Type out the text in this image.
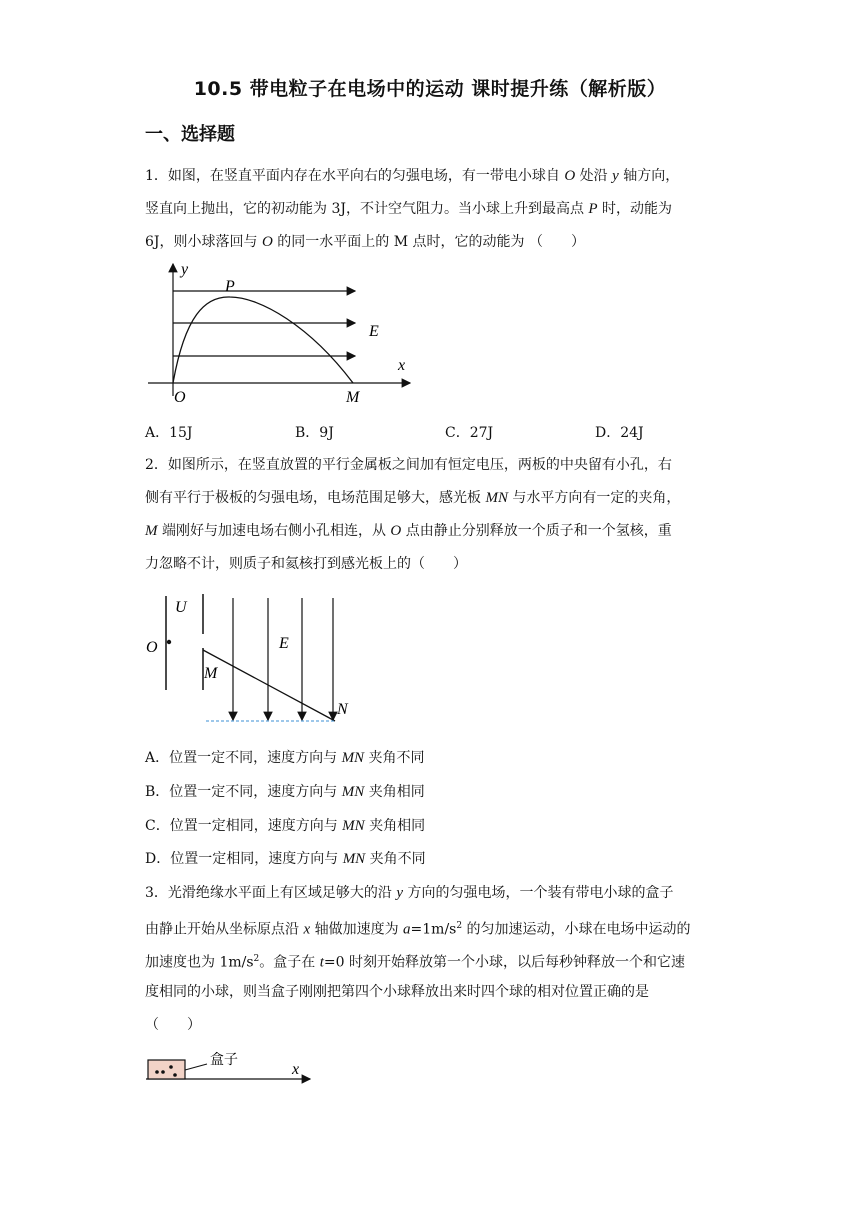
10.5 带电粒子在电场中的运动 课时提升练（解析版）
一、选择题
1．如图，在竖直平面内存在水平向右的匀强电场，有一带电小球自 O 处沿 y 轴方向，
竖直向上抛出，它的初动能为 3J，不计空气阻力。当小球上升到最高点 P 时，动能为
6J，则小球落回与 O 的同一水平面上的 M 点时，它的动能为 （　　）
y
P
E
x
O	M
A．15J	B．9J	C．27J	D．24J
2．如图所示，在竖直放置的平行金属板之间加有恒定电压，两板的中央留有小孔，右
侧有平行于极板的匀强电场，电场范围足够大，感光板 MN 与水平方向有一定的夹角，
M 端刚好与加速电场右侧小孔相连，从 O 点由静止分别释放一个质子和一个氢核，重
力忽略不计，则质子和氦核打到感光板上的（　　）
U
O	E
M
N
A．位置一定不同，速度方向与 MN 夹角不同
B．位置一定不同，速度方向与 MN 夹角相同
C．位置一定相同，速度方向与 MN 夹角相同
D．位置一定相同，速度方向与 MN 夹角不同
3．光滑绝缘水平面上有区域足够大的沿 y 方向的匀强电场，一个装有带电小球的盒子
由静止开始从坐标原点沿 x 轴做加速度为 $a=1m/s^2$ 的匀加速运动，小球在电场中运动的
加速度也为 $1m/s^2$。盒子在 t=0 时刻开始释放第一个小球，以后每秒钟释放一个和它速
度相同的小球，则当盒子刚刚把第四个小球释放出来时四个球的相对位置正确的是
（　　）
盒子
x
